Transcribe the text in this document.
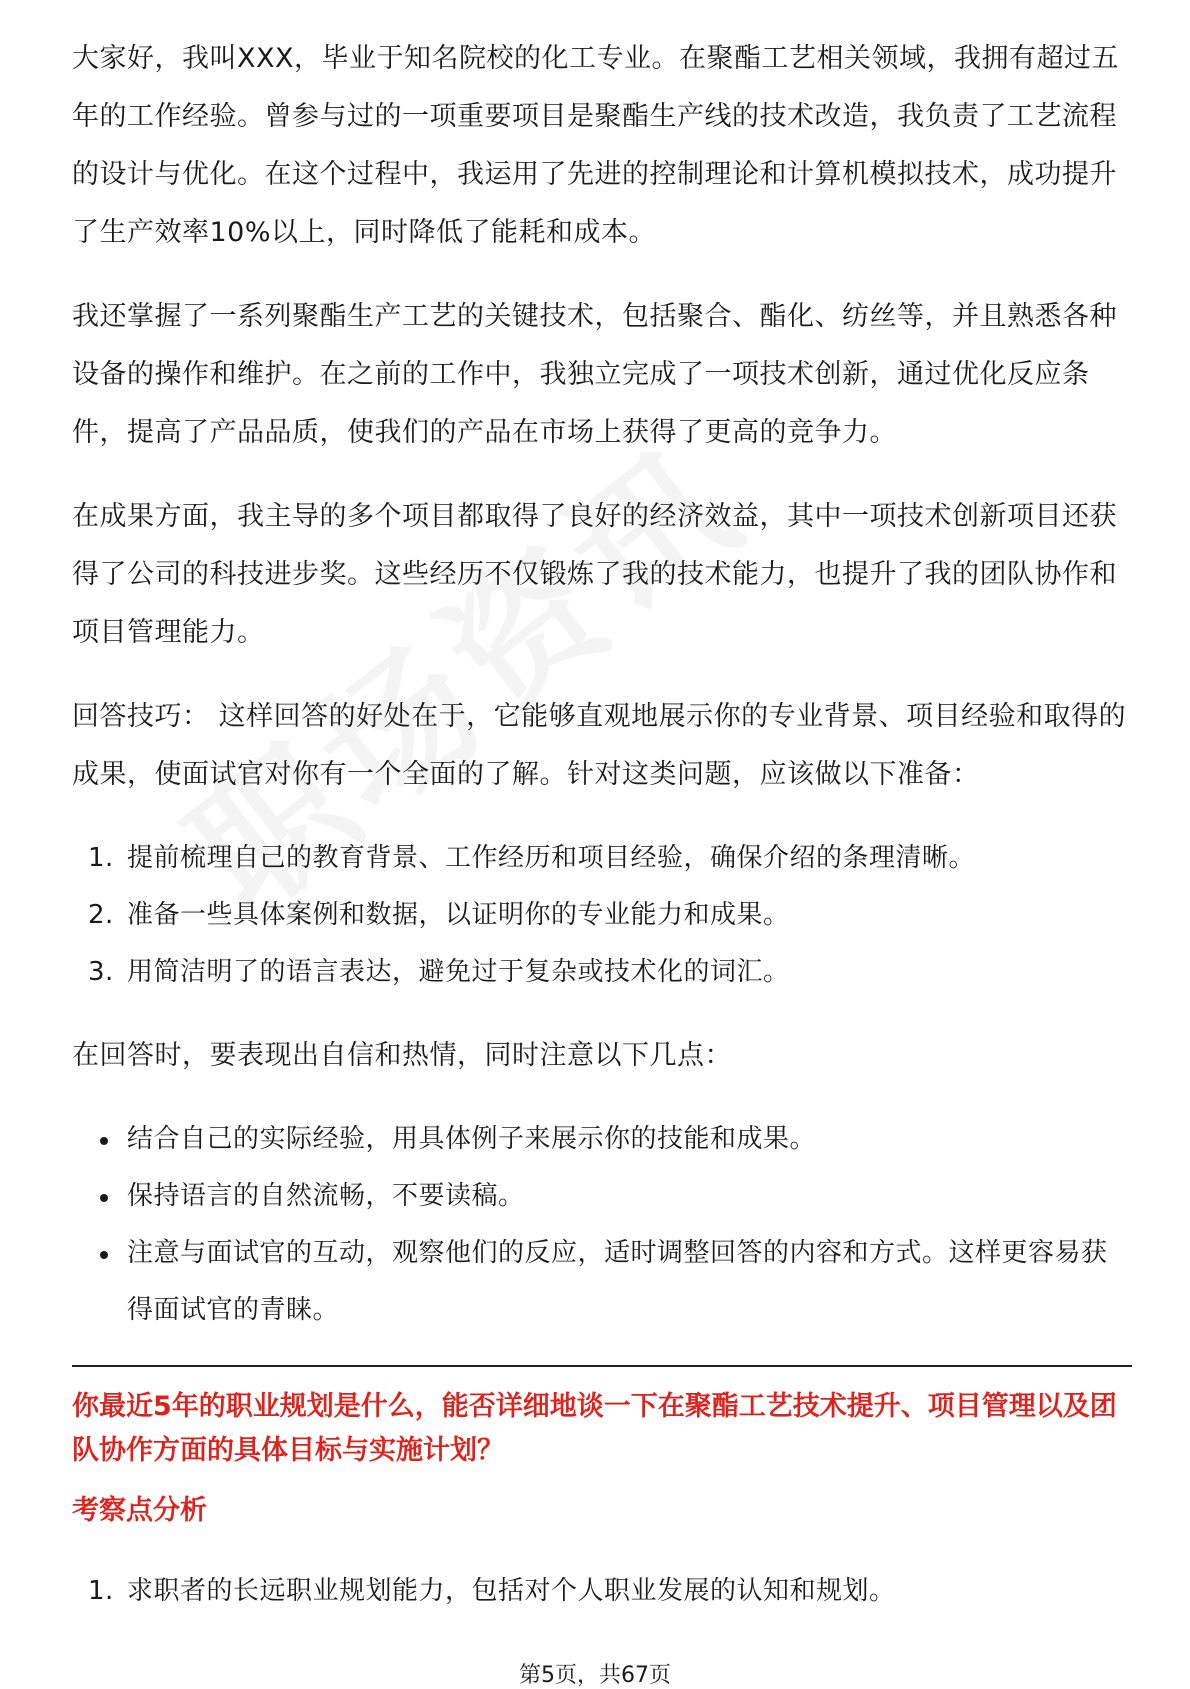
大家好，我叫XXX，毕业于知名院校的化工专业。在聚酯工艺相关领域，我拥有超过五年的工作经验。曾参与过的一项重要项目是聚酯生产线的技术改造，我负责了工艺流程的设计与优化。在这个过程中，我运用了先进的控制理论和计算机模拟技术，成功提升了生产效率10%以上，同时降低了能耗和成本。

我还掌握了一系列聚酯生产工艺的关键技术，包括聚合、酯化、纺丝等，并且熟悉各种设备的操作和维护。在之前的工作中，我独立完成了一项技术创新，通过优化反应条件，提高了产品品质，使我们的产品在市场上获得了更高的竞争力。

在成果方面，我主导的多个项目都取得了良好的经济效益，其中一项技术创新项目还获得了公司的科技进步奖。这些经历不仅锻炼了我的技术能力，也提升了我的团队协作和项目管理能力。

回答技巧： 这样回答的好处在于，它能够直观地展示你的专业背景、项目经验和取得的成果，使面试官对你有一个全面的了解。针对这类问题，应该做以下准备：

1. 提前梳理自己的教育背景、工作经历和项目经验，确保介绍的条理清晰。
2. 准备一些具体案例和数据，以证明你的专业能力和成果。
3. 用简洁明了的语言表达，避免过于复杂或技术化的词汇。

在回答时，要表现出自信和热情，同时注意以下几点：

结合自己的实际经验，用具体例子来展示你的技能和成果。
保持语言的自然流畅，不要读稿。
注意与面试官的互动，观察他们的反应，适时调整回答的内容和方式。这样更容易获得面试官的青睐。

你最近5年的职业规划是什么，能否详细地谈一下在聚酯工艺技术提升、项目管理以及团队协作方面的具体目标与实施计划？

考察点分析

1. 求职者的长远职业规划能力，包括对个人职业发展的认知和规划。
第5页，共67页
